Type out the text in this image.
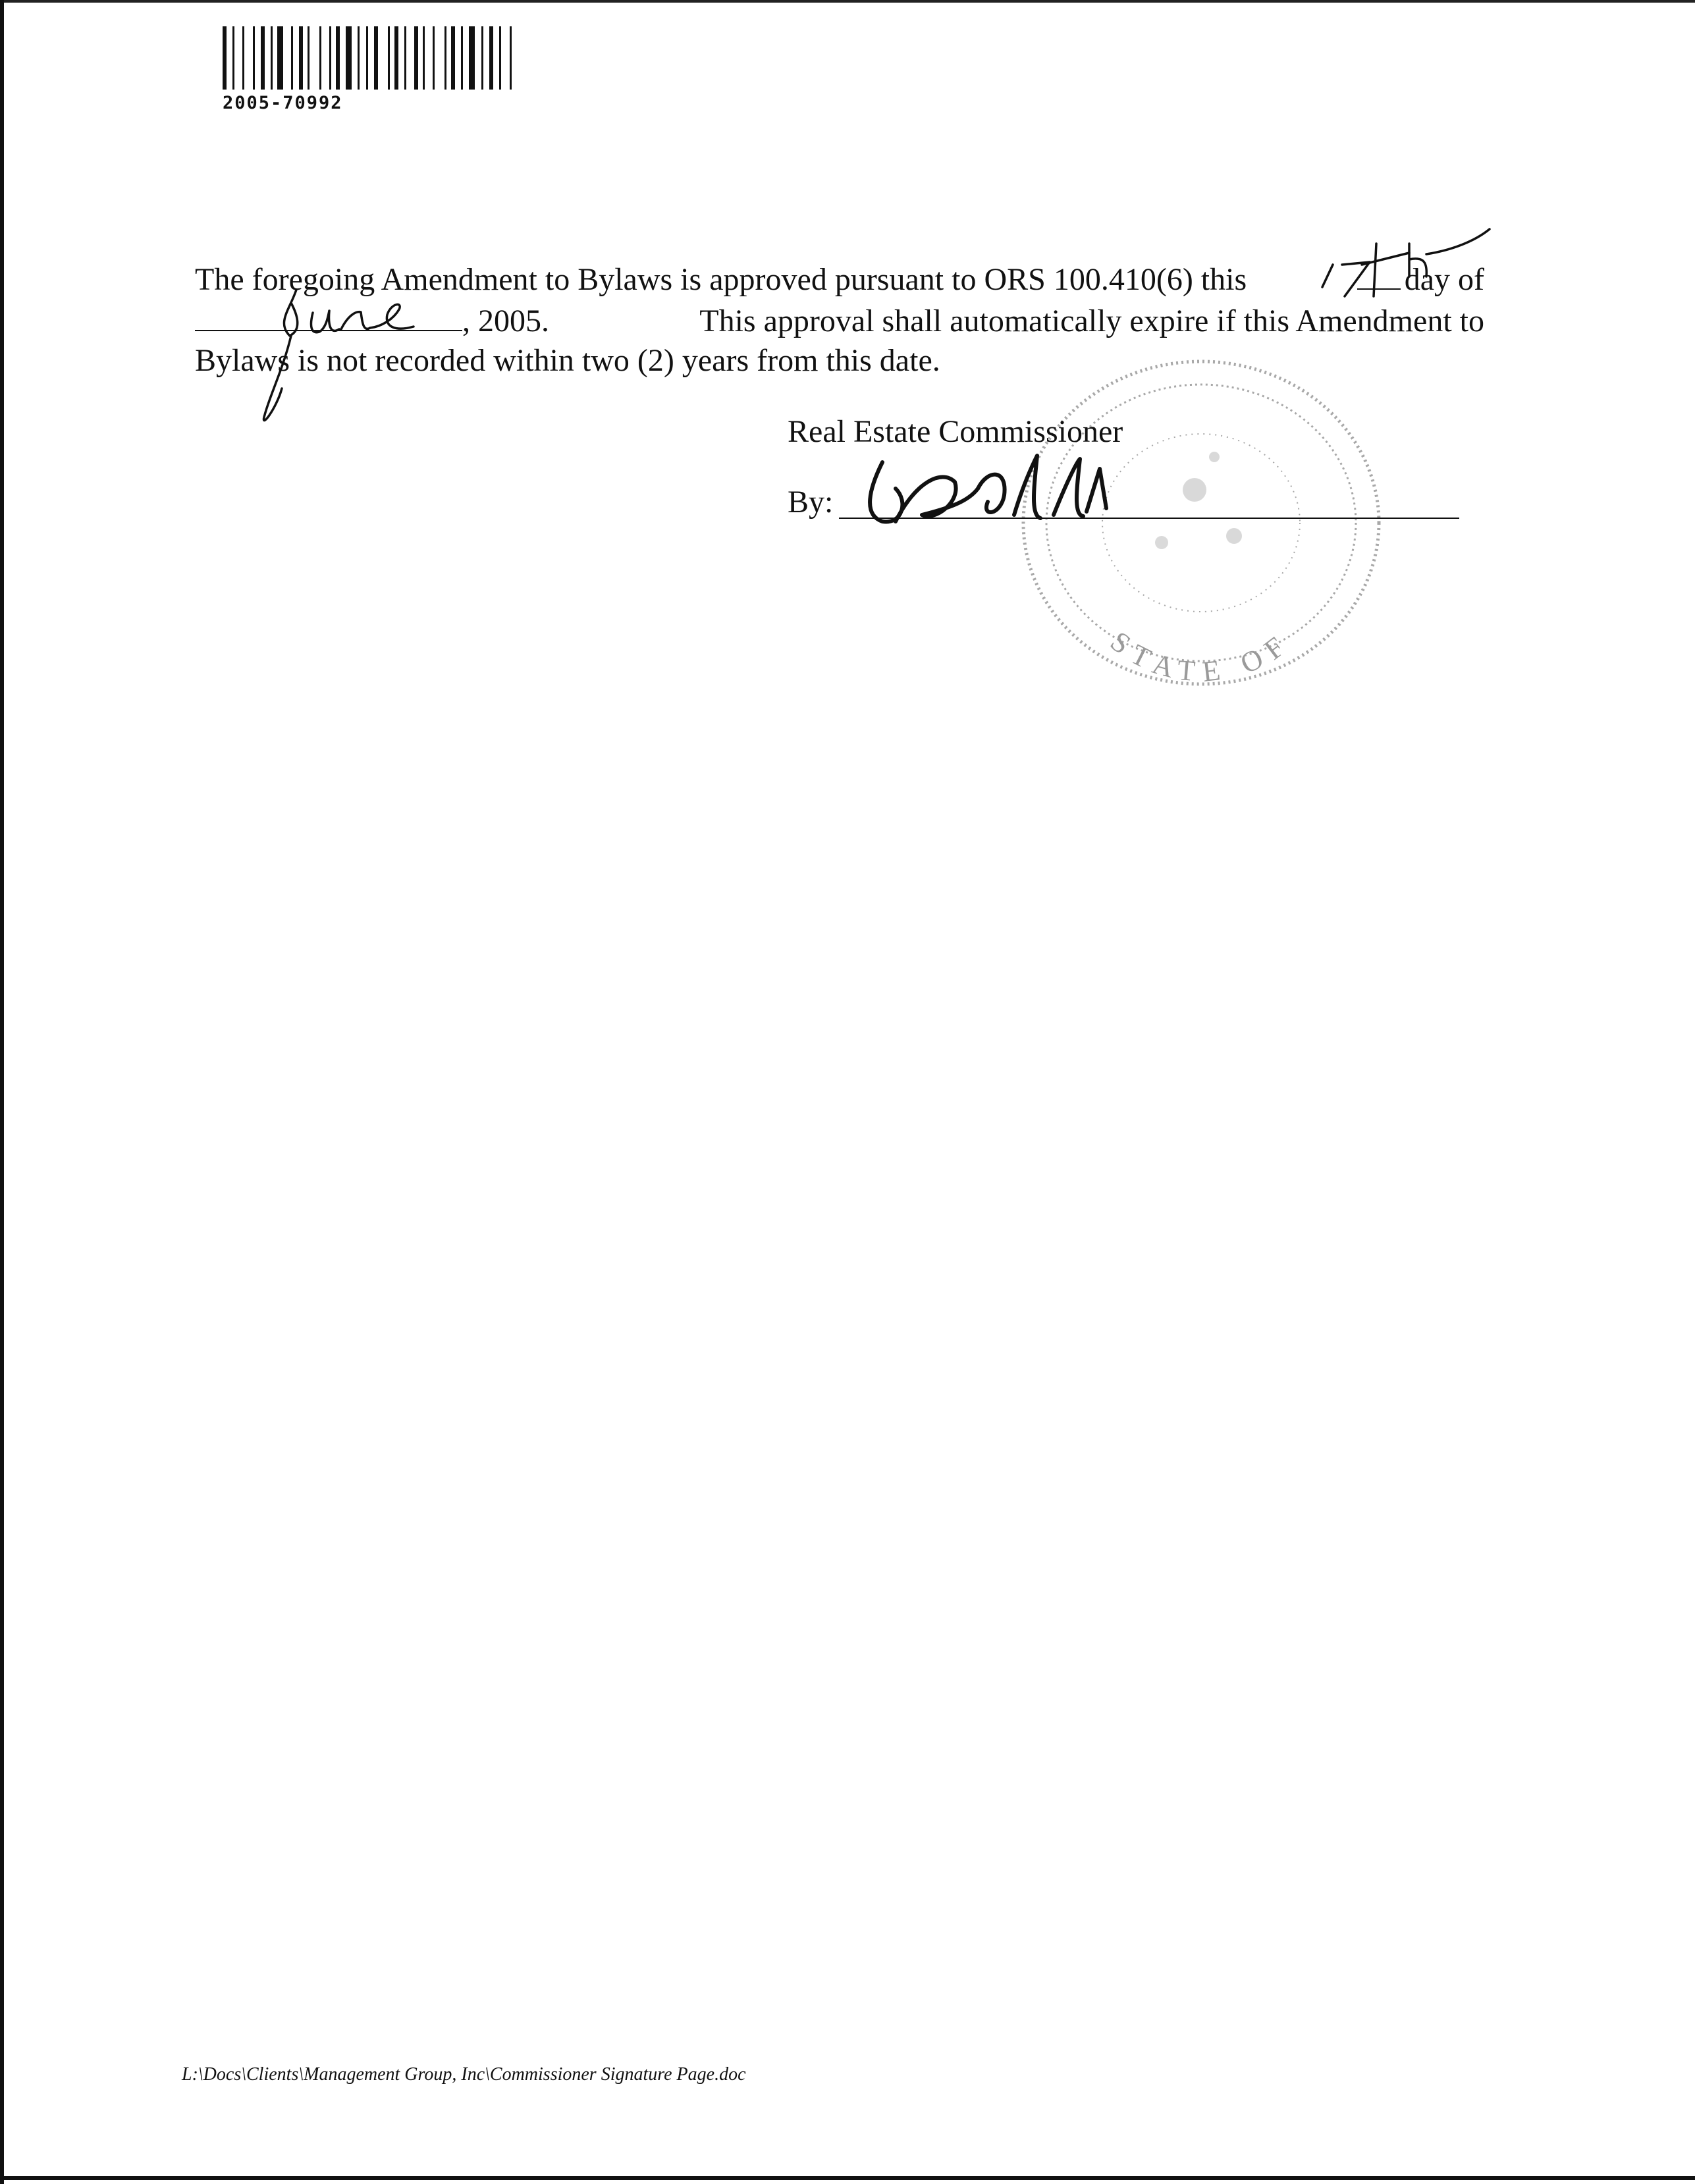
2005-70992
The foregoing Amendment to Bylaws is approved pursuant to ORS 100.410(6) this	day of
, 2005.	This approval shall automatically expire if this Amendment to
Bylaws is not recorded within two (2) years from this date.
STATE OF
Real Estate Commissioner
By:
L:\Docs\Clients\Management Group, Inc\Commissioner Signature Page.doc
